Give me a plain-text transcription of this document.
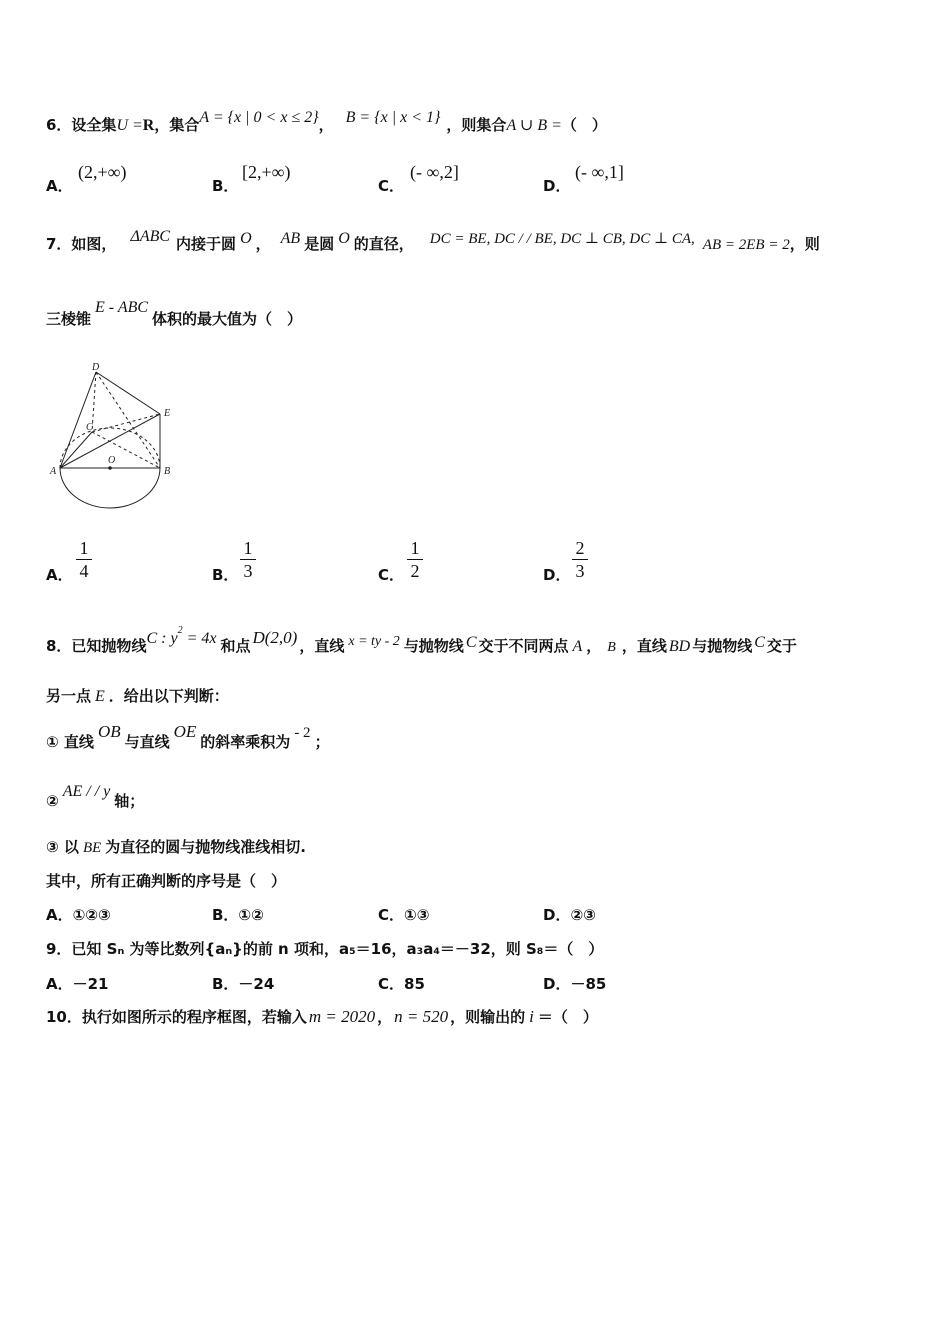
6．设全集U =R，集合A = {x | 0 < x ≤ 2}， B = {x | x < 1} ，则集合A ∪ B =（　）
A．
(2,+∞)
B．
[2,+∞)
C．
(- ∞,2]
D．
(- ∞,1]
7．如图， ΔABC 内接于圆 O ， AB 是圆 O 的直径， DC = BE, DC / / BE, DC ⊥ CB, DC ⊥ CA, AB = 2EB = 2，则
三棱锥E - ABC体积的最大值为（　）
D
E
C
O
A	B
A．
1
4	B．
1
3	C．
1
2	D．
2
3
8．已知抛物线C : $y^2 = 4x$ 和点 D(2,0) ，直线 x = ty - 2 与抛物线 C 交于不同两点 A ， B ，直线 BD 与抛物线 C 交于
另一点 E ．给出以下判断：
① 直线OB与直线OE的斜率乘积为 - 2 ；
②AE / / y轴；
③ 以 BE 为直径的圆与抛物线准线相切.
其中，所有正确判断的序号是（　）
A．①②③	B．①②	C．①③	D．②③
9．已知 Sₙ 为等比数列{aₙ}的前 n 项和，a₅＝16，a₃a₄＝－32，则 S₈＝（　）
A．－21	B．－24	C．85	D．－85
10．执行如图所示的程序框图，若输入 m = 2020 ， n = 520 ，则输出的 i ＝（　）
